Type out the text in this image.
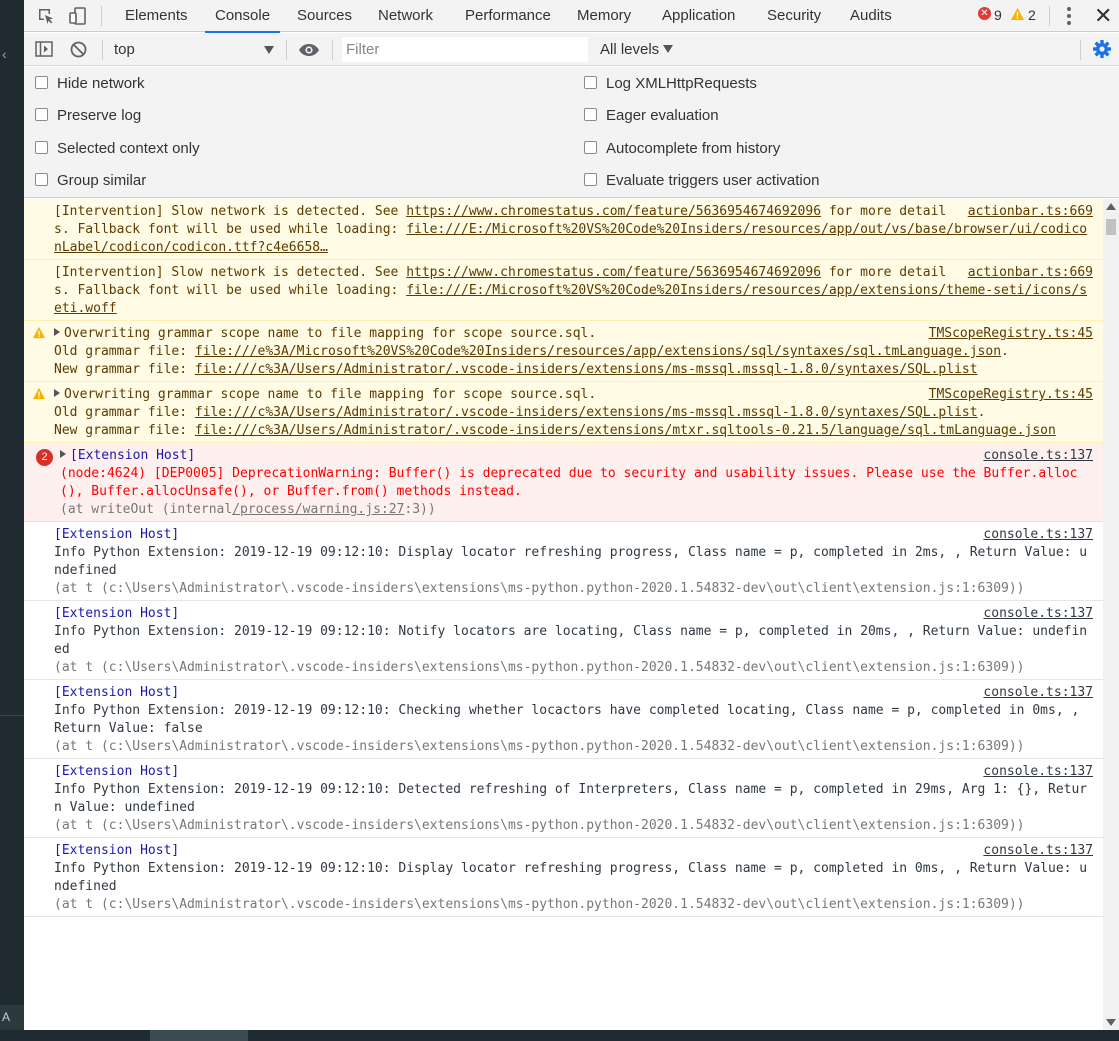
‹
A
Elements Console Sources Network Performance Memory Application Security Audits	✕ 9 2	✕
top
Filter	All levels
Hide network
Preserve log
Selected context only
Group similar
Log XMLHttpRequests
Eager evaluation
Autocomplete from history
Evaluate triggers user activation
actionbar.ts:669
[Intervention] Slow network is detected. See https://www.chromestatus.com/feature/5636954674692096 for more details. Fallback font will be used while loading: file:///E:/Microsoft%20VS%20Code%20Insiders/resources/app/out/vs/base/browser/ui/codiconLabel/codicon/codicon.ttf?c4e6658…
actionbar.ts:669
[Intervention] Slow network is detected. See https://www.chromestatus.com/feature/5636954674692096 for more details. Fallback font will be used while loading: file:///E:/Microsoft%20VS%20Code%20Insiders/resources/app/extensions/theme-seti/icons/seti.woff
TMScopeRegistry.ts:45
Overwriting grammar scope name to file mapping for scope source.sql.
Old grammar file: file:///e%3A/Microsoft%20VS%20Code%20Insiders/resources/app/extensions/sql/syntaxes/sql.tmLanguage.json.
New grammar file: file:///c%3A/Users/Administrator/.vscode-insiders/extensions/ms-mssql.mssql-1.8.0/syntaxes/SQL.plist
TMScopeRegistry.ts:45
Overwriting grammar scope name to file mapping for scope source.sql.
Old grammar file: file:///c%3A/Users/Administrator/.vscode-insiders/extensions/ms-mssql.mssql-1.8.0/syntaxes/SQL.plist.
New grammar file: file:///c%3A/Users/Administrator/.vscode-insiders/extensions/mtxr.sqltools-0.21.5/language/sql.tmLanguage.json
2	console.ts:137
[Extension Host]
(node:4624) [DEP0005] DeprecationWarning: Buffer() is deprecated due to security and usability issues. Please use the Buffer.alloc(), Buffer.allocUnsafe(), or Buffer.from() methods instead.
(at writeOut (internal/process/warning.js:27:3))
console.ts:137
[Extension Host]
Info Python Extension: 2019-12-19 09:12:10: Display locator refreshing progress, Class name = p, completed in 2ms, , Return Value: undefined
(at t (c:\Users\Administrator\.vscode-insiders\extensions\ms-python.python-2020.1.54832-dev\out\client\extension.js:1:6309))
console.ts:137
[Extension Host]
Info Python Extension: 2019-12-19 09:12:10: Notify locators are locating, Class name = p, completed in 20ms, , Return Value: undefined
(at t (c:\Users\Administrator\.vscode-insiders\extensions\ms-python.python-2020.1.54832-dev\out\client\extension.js:1:6309))
console.ts:137
[Extension Host]
Info Python Extension: 2019-12-19 09:12:10: Checking whether locactors have completed locating, Class name = p, completed in 0ms, , Return Value: false
(at t (c:\Users\Administrator\.vscode-insiders\extensions\ms-python.python-2020.1.54832-dev\out\client\extension.js:1:6309))
console.ts:137
[Extension Host]
Info Python Extension: 2019-12-19 09:12:10: Detected refreshing of Interpreters, Class name = p, completed in 29ms, Arg 1: {}, Return Value: undefined
(at t (c:\Users\Administrator\.vscode-insiders\extensions\ms-python.python-2020.1.54832-dev\out\client\extension.js:1:6309))
console.ts:137
[Extension Host]
Info Python Extension: 2019-12-19 09:12:10: Display locator refreshing progress, Class name = p, completed in 0ms, , Return Value: undefined
(at t (c:\Users\Administrator\.vscode-insiders\extensions\ms-python.python-2020.1.54832-dev\out\client\extension.js:1:6309))
